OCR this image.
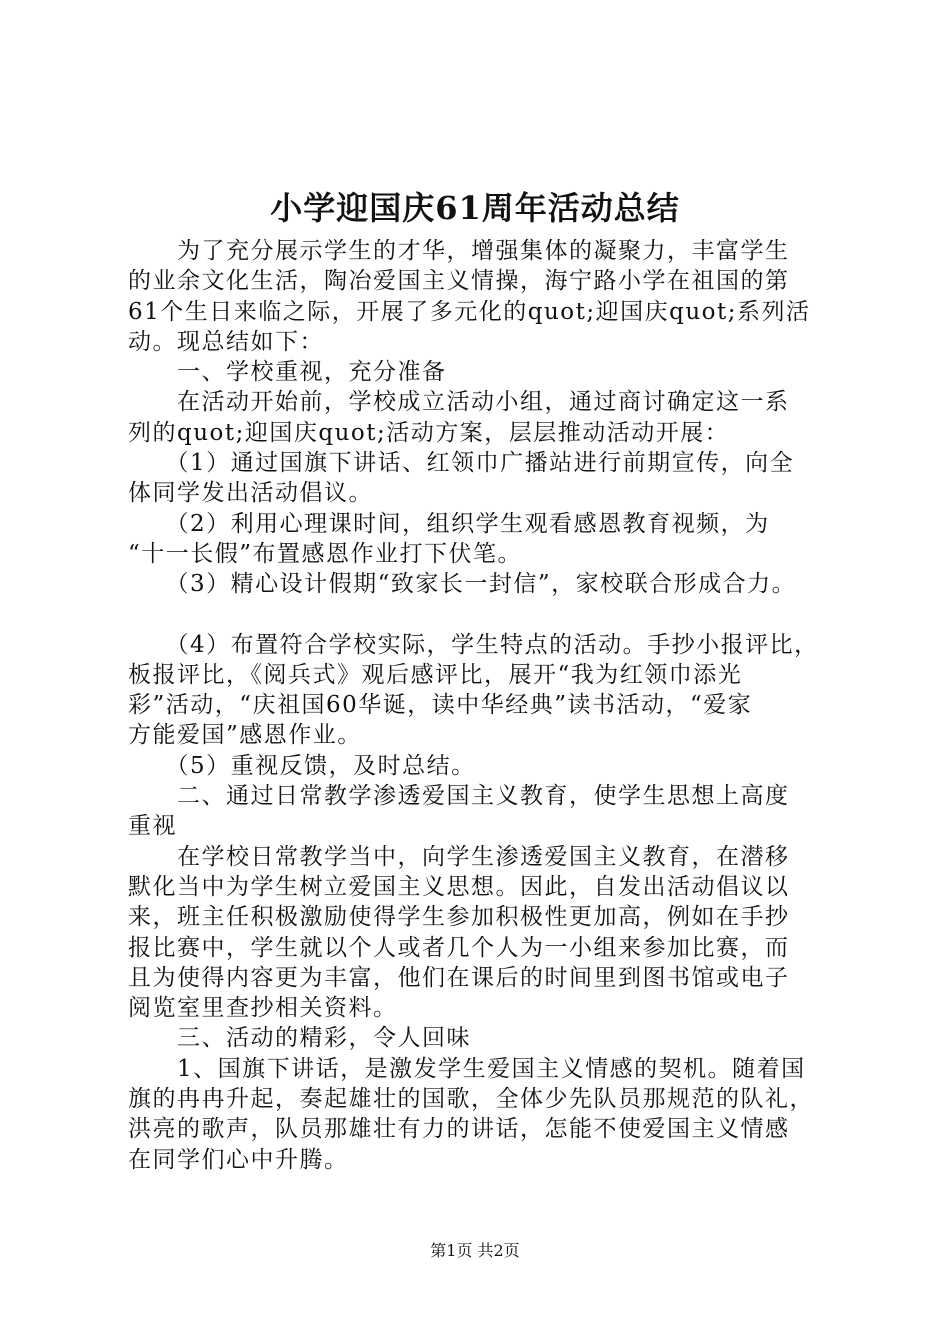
小学迎国庆61周年活动总结
　　为了充分展示学生的才华，增强集体的凝聚力，丰富学生
的业余文化生活，陶冶爱国主义情操，海宁路小学在祖国的第
61个生日来临之际，开展了多元化的quot;迎国庆quot;系列活
动。现总结如下：
　　一、学校重视，充分准备
　　在活动开始前，学校成立活动小组，通过商讨确定这一系
列的quot;迎国庆quot;活动方案，层层推动活动开展：
　　（1）通过国旗下讲话、红领巾广播站进行前期宣传，向全
体同学发出活动倡议。
　　（2）利用心理课时间，组织学生观看感恩教育视频，为
“十一长假”布置感恩作业打下伏笔。
　　（3）精心设计假期“致家长一封信”，家校联合形成合力。
　　（4）布置符合学校实际，学生特点的活动。手抄小报评比，
板报评比，《阅兵式》观后感评比，展开“我为红领巾添光
彩”活动，“庆祖国60华诞，读中华经典”读书活动，“爱家
方能爱国”感恩作业。
　　（5）重视反馈，及时总结。
　　二、通过日常教学渗透爱国主义教育，使学生思想上高度
重视
　　在学校日常教学当中，向学生渗透爱国主义教育，在潜移
默化当中为学生树立爱国主义思想。因此，自发出活动倡议以
来，班主任积极激励使得学生参加积极性更加高，例如在手抄
报比赛中，学生就以个人或者几个人为一小组来参加比赛，而
且为使得内容更为丰富，他们在课后的时间里到图书馆或电子
阅览室里查抄相关资料。
　　三、活动的精彩，令人回味
　　1、国旗下讲话，是激发学生爱国主义情感的契机。随着国
旗的冉冉升起，奏起雄壮的国歌，全体少先队员那规范的队礼，
洪亮的歌声，队员那雄壮有力的讲话，怎能不使爱国主义情感
在同学们心中升腾。
第1页 共2页
